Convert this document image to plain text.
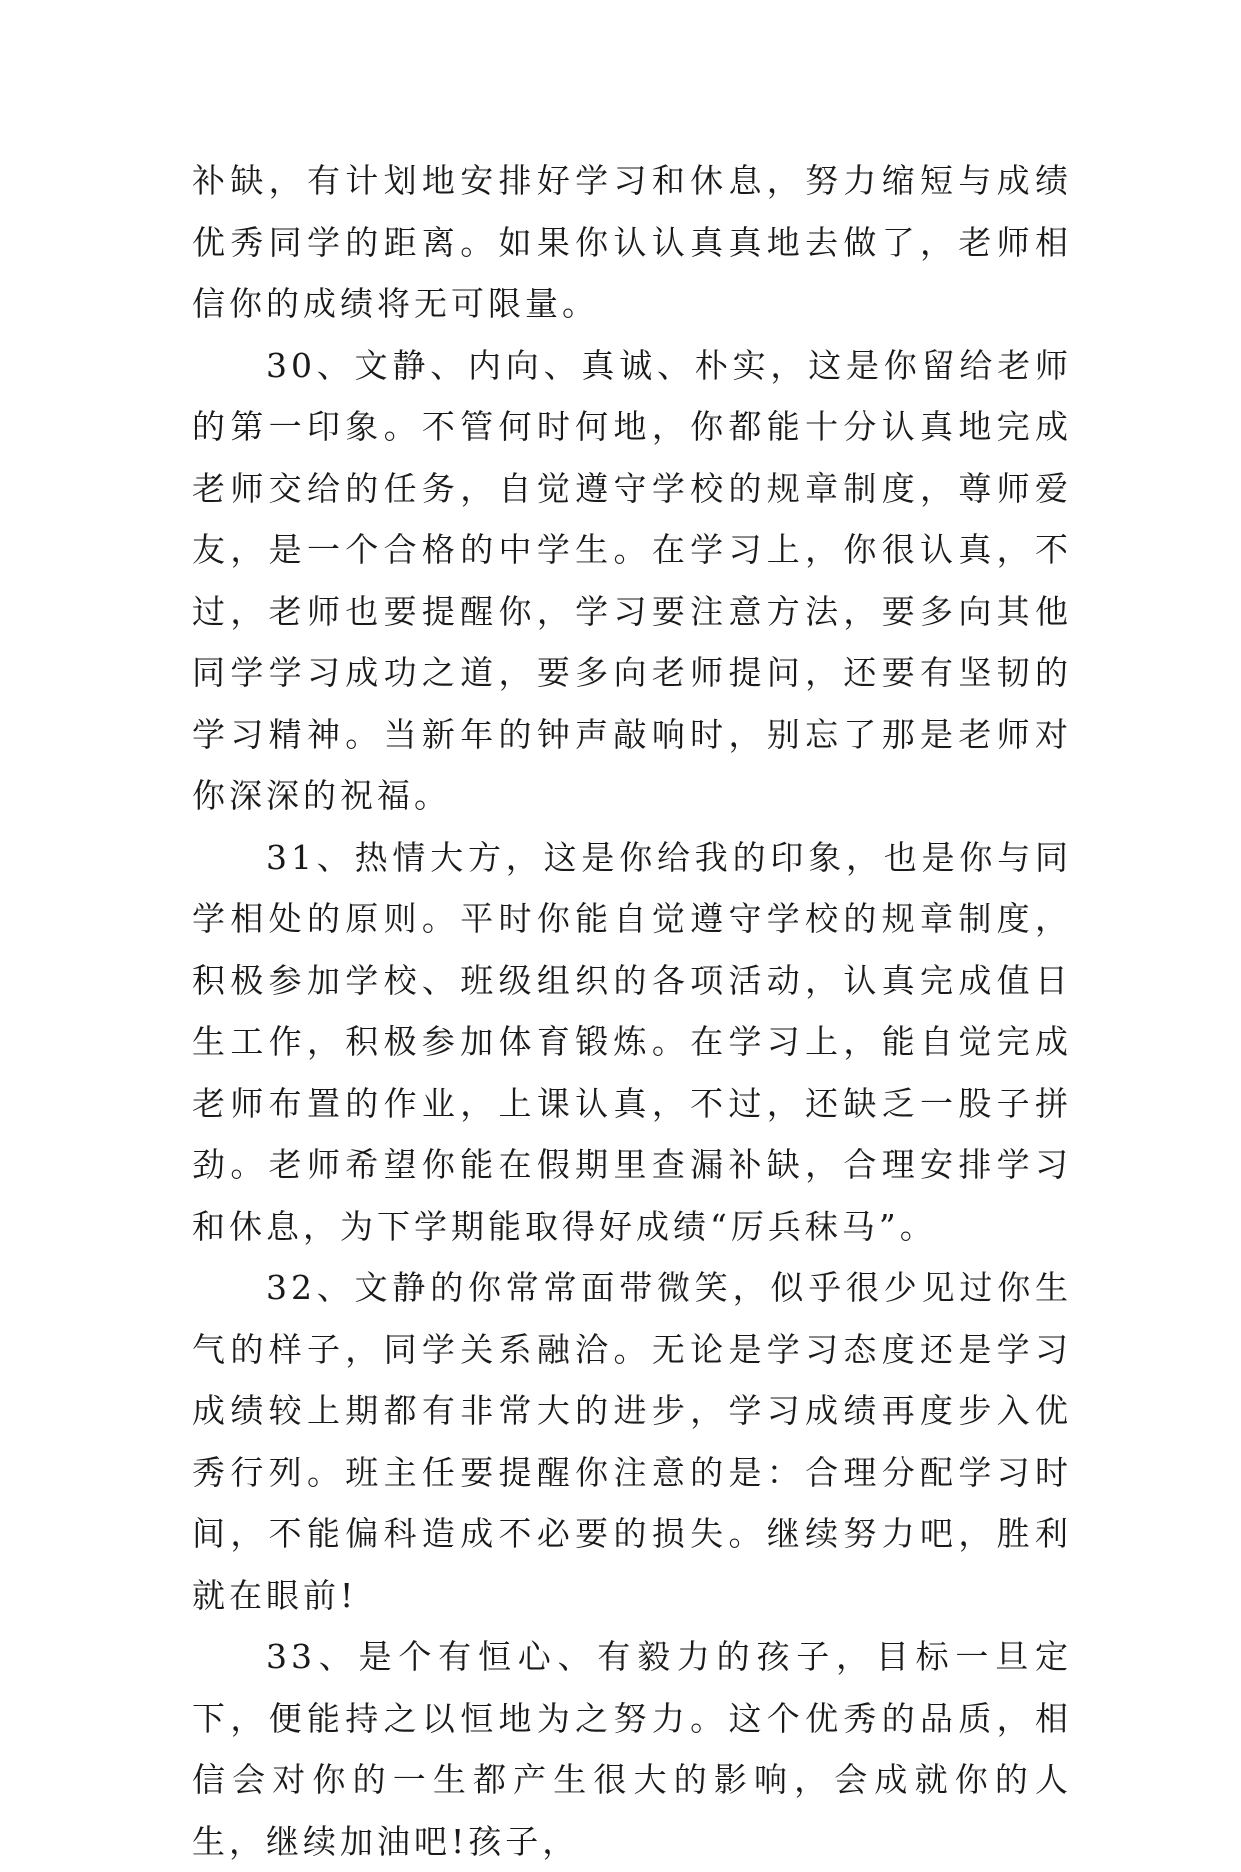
补缺，有计划地安排好学习和休息，努力缩短与成绩优秀同学的距离。如果你认认真真地去做了，老师相信你的成绩将无可限量。

30、文静、内向、真诚、朴实，这是你留给老师的第一印象。不管何时何地，你都能十分认真地完成老师交给的任务，自觉遵守学校的规章制度，尊师爱友，是一个合格的中学生。在学习上，你很认真，不过，老师也要提醒你，学习要注意方法，要多向其他同学学习成功之道，要多向老师提问，还要有坚韧的学习精神。当新年的钟声敲响时，别忘了那是老师对你深深的祝福。

31、热情大方，这是你给我的印象，也是你与同学相处的原则。平时你能自觉遵守学校的规章制度，积极参加学校、班级组织的各项活动，认真完成值日生工作，积极参加体育锻炼。在学习上，能自觉完成老师布置的作业，上课认真，不过，还缺乏一股子拼劲。老师希望你能在假期里查漏补缺，合理安排学习和休息，为下学期能取得好成绩“厉兵秣马”。

32、文静的你常常面带微笑，似乎很少见过你生气的样子，同学关系融洽。无论是学习态度还是学习成绩较上期都有非常大的进步，学习成绩再度步入优秀行列。班主任要提醒你注意的是：合理分配学习时间，不能偏科造成不必要的损失。继续努力吧，胜利就在眼前!

33、是个有恒心、有毅力的孩子，目标一旦定下，便能持之以恒地为之努力。这个优秀的品质，相信会对你的一生都产生很大的影响，会成就你的人生，继续加油吧!孩子，
